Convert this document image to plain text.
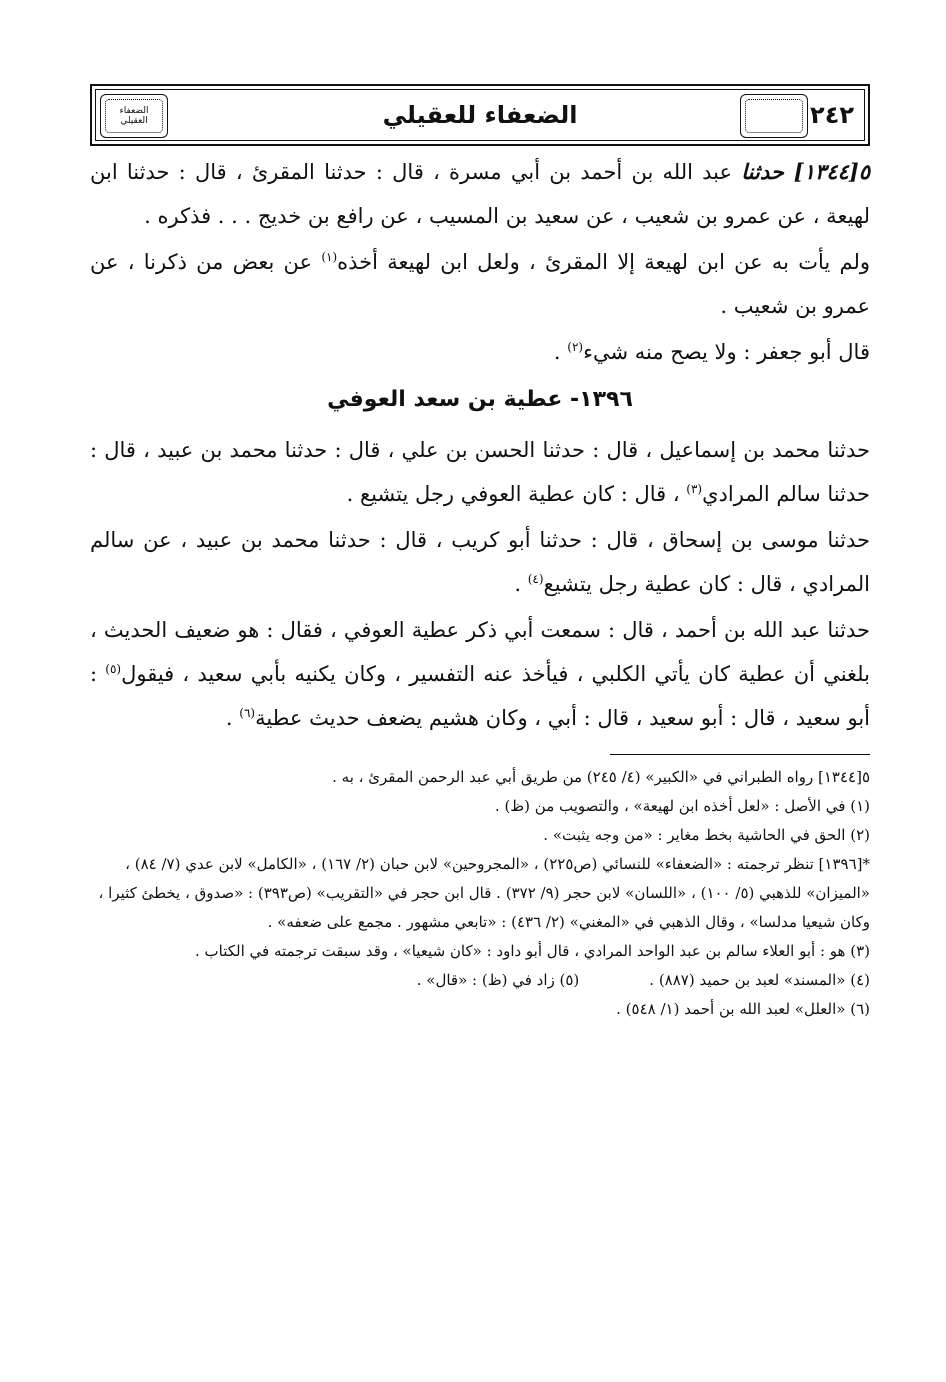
٢٤٢
الضعفاء للعقيلي
الضعفاء
العقيلي

٥[١٣٤٤] حدثنا عبد الله بن أحمد بن أبي مسرة ، قال : حدثنا المقرئ ، قال : حدثنا ابن لهيعة ، عن عمرو بن شعيب ، عن سعيد بن المسيب ، عن رافع بن خديج . . . فذكره .

ولم يأت به عن ابن لهيعة إلا المقرئ ، ولعل ابن لهيعة أخذه$^{(١)}$ عن بعض من ذكرنا ، عن عمرو بن شعيب .

قال أبو جعفر : ولا يصح منه شيء$^{(٢)}$ .

١٣٩٦- عطية بن سعد العوفي

حدثنا محمد بن إسماعيل ، قال : حدثنا الحسن بن علي ، قال : حدثنا محمد بن عبيد ، قال : حدثنا سالم المرادي$^{(٣)}$ ، قال : كان عطية العوفي رجل يتشيع .

حدثنا موسى بن إسحاق ، قال : حدثنا أبو كريب ، قال : حدثنا محمد بن عبيد ، عن سالم المرادي ، قال : كان عطية رجل يتشيع$^{(٤)}$ .

حدثنا عبد الله بن أحمد ، قال : سمعت أبي ذكر عطية العوفي ، فقال : هو ضعيف الحديث ، بلغني أن عطية كان يأتي الكلبي ، فيأخذ عنه التفسير ، وكان يكنيه بأبي سعيد ، فيقول$^{(٥)}$ : أبو سعيد ، قال : أبو سعيد ، قال : أبي ، وكان هشيم يضعف حديث عطية$^{(٦)}$ .

٥[١٣٤٤] رواه الطبراني في «الكبير» (٤/ ٢٤٥) من طريق أبي عبد الرحمن المقرئ ، به .

(١) في الأصل : «لعل أخذه ابن لهيعة» ، والتصويب من (ظ) .

(٢) الحق في الحاشية بخط مغاير : «من وجه يثبت» .

*[١٣٩٦] تنظر ترجمته : «الضعفاء» للنسائي (ص٢٢٥) ، «المجروحين» لابن حبان (٢/ ١٦٧) ، «الكامل» لابن عدي (٧/ ٨٤) ، «الميزان» للذهبي (٥/ ١٠٠) ، «اللسان» لابن حجر (٩/ ٣٧٢) . قال ابن حجر في «التقريب» (ص٣٩٣) : «صدوق ، يخطئ كثيرا ، وكان شيعيا مدلسا» ، وقال الذهبي في «المغني» (٢/ ٤٣٦) : «تابعي مشهور . مجمع على ضعفه» .

(٣) هو : أبو العلاء سالم بن عبد الواحد المرادي ، قال أبو داود : «كان شيعيا» ، وقد سبقت ترجمته في الكتاب .

(٤) «المسند» لعبد بن حميد (٨٨٧) .
(٥) زاد في (ظ) : «قال» .

(٦) «العلل» لعبد الله بن أحمد (١/ ٥٤٨) .
